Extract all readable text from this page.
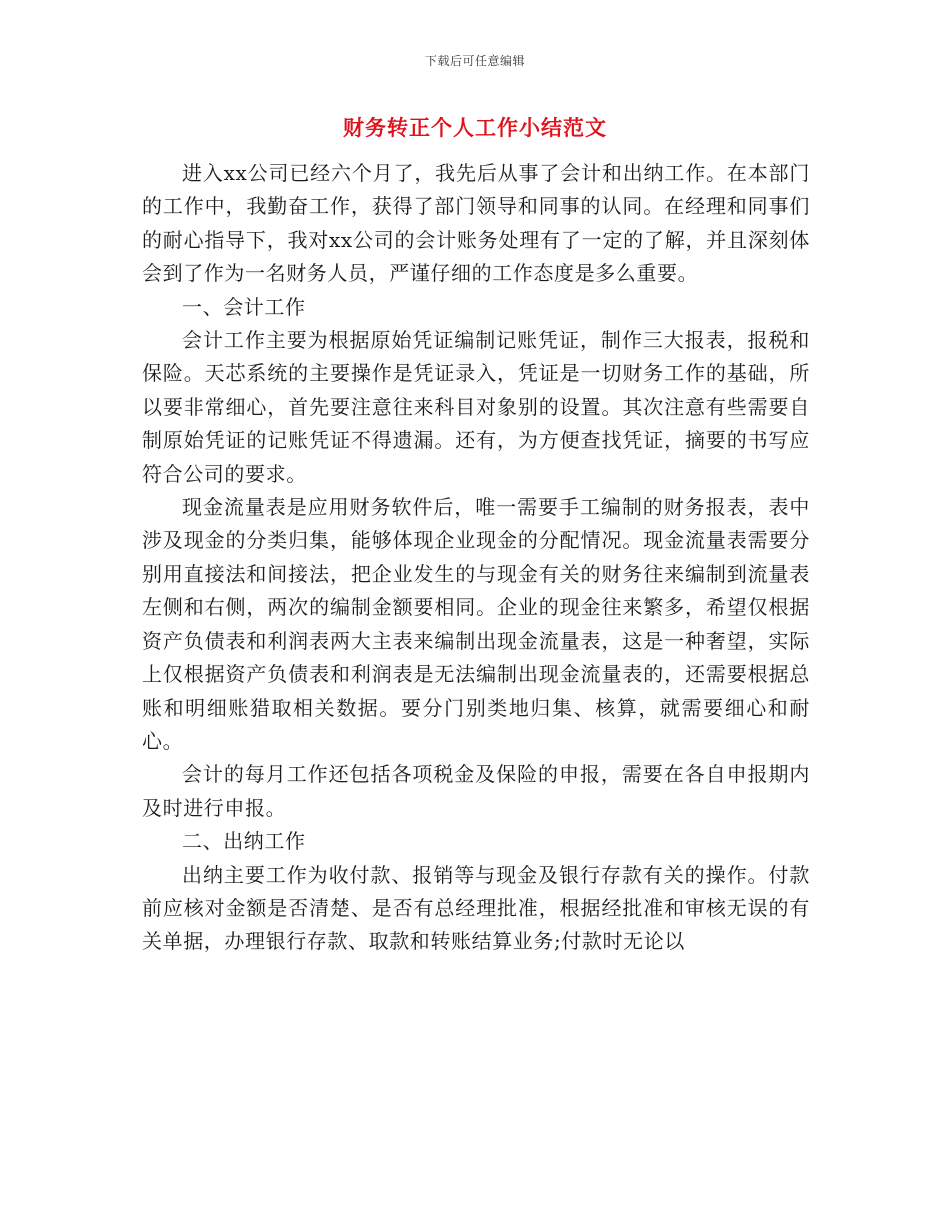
下载后可任意编辑
财务转正个人工作小结范文

进入xx公司已经六个月了，我先后从事了会计和出纳工作。在本部门的工作中，我勤奋工作，获得了部门领导和同事的认同。在经理和同事们的耐心指导下，我对xx公司的会计账务处理有了一定的了解，并且深刻体会到了作为一名财务人员，严谨仔细的工作态度是多么重要。

一、会计工作

会计工作主要为根据原始凭证编制记账凭证，制作三大报表，报税和保险。天芯系统的主要操作是凭证录入，凭证是一切财务工作的基础，所以要非常细心，首先要注意往来科目对象别的设置。其次注意有些需要自制原始凭证的记账凭证不得遗漏。还有，为方便查找凭证，摘要的书写应符合公司的要求。

现金流量表是应用财务软件后，唯一需要手工编制的财务报表，表中涉及现金的分类归集，能够体现企业现金的分配情况。现金流量表需要分别用直接法和间接法，把企业发生的与现金有关的财务往来编制到流量表左侧和右侧，两次的编制金额要相同。企业的现金往来繁多，希望仅根据资产负债表和利润表两大主表来编制出现金流量表，这是一种奢望，实际上仅根据资产负债表和利润表是无法编制出现金流量表的，还需要根据总账和明细账猎取相关数据。要分门别类地归集、核算，就需要细心和耐心。

会计的每月工作还包括各项税金及保险的申报，需要在各自申报期内及时进行申报。

二、出纳工作

出纳主要工作为收付款、报销等与现金及银行存款有关的操作。付款前应核对金额是否清楚、是否有总经理批准，根据经批准和审核无误的有关单据，办理银行存款、取款和转账结算业务;付款时无论以
